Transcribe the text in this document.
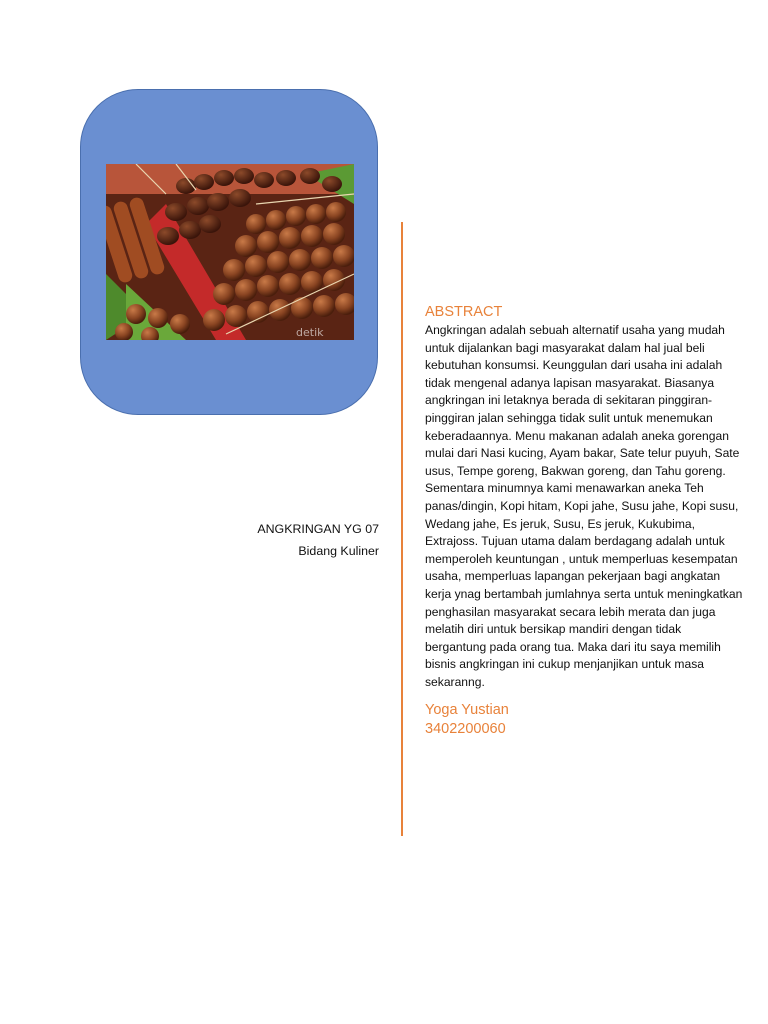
detik
ANGKRINGAN YG 07
Bidang Kuliner
ABSTRACT

Angkringan adalah sebuah alternatif usaha yang mudah untuk dijalankan bagi masyarakat dalam hal jual beli kebutuhan konsumsi. Keunggulan dari usaha ini adalah tidak mengenal adanya lapisan masyarakat. Biasanya angkringan ini letaknya berada di sekitaran pinggiran-pinggiran jalan sehingga tidak sulit untuk menemukan keberadaannya. Menu makanan adalah aneka gorengan mulai dari Nasi kucing, Ayam bakar, Sate telur puyuh, Sate usus, Tempe goreng, Bakwan goreng, dan Tahu goreng. Sementara minumnya kami menawarkan aneka Teh panas/dingin, Kopi hitam, Kopi jahe, Susu jahe, Kopi susu, Wedang jahe, Es jeruk, Susu, Es jeruk, Kukubima, Extrajoss. Tujuan utama dalam berdagang adalah untuk memperoleh keuntungan , untuk memperluas kesempatan usaha, memperluas lapangan pekerjaan bagi angkatan kerja ynag bertambah jumlahnya serta untuk meningkatkan penghasilan masyarakat secara lebih merata dan juga melatih diri untuk bersikap mandiri dengan tidak bergantung pada orang tua. Maka dari itu saya memilih bisnis angkringan ini cukup menjanjikan untuk masa sekaranng.

Yoga Yustian
3402200060
